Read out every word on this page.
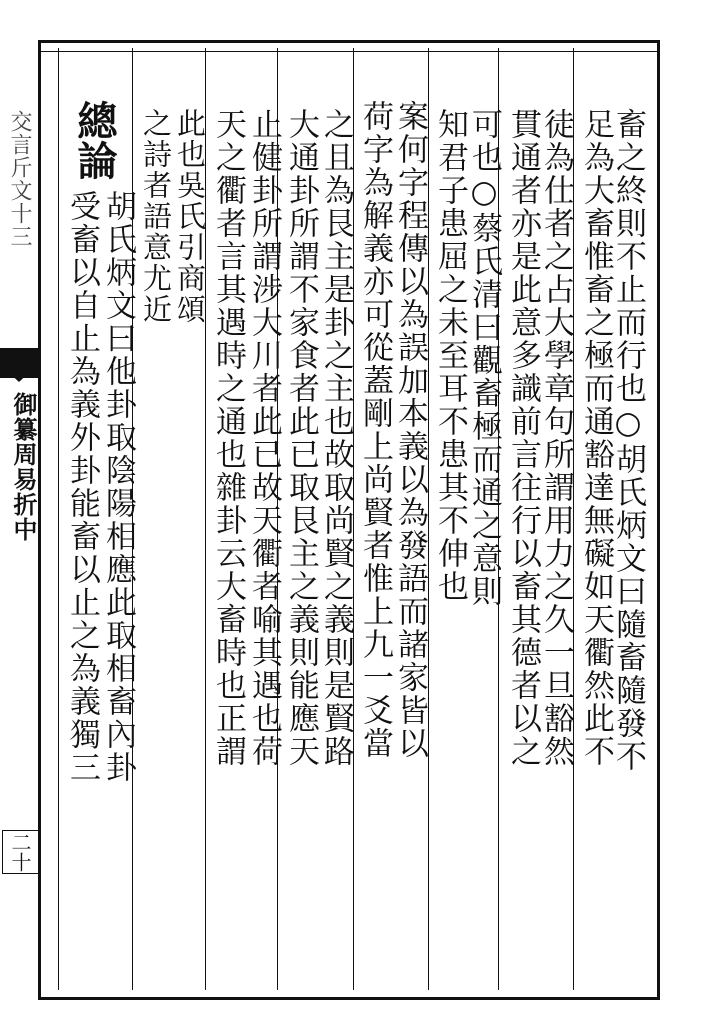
交言斤文十三
御纂周易折中
二十
畜之終則不止而行也○胡氏炳文曰隨畜隨發不
足為大畜惟畜之極而通豁達無礙如天衢然此不
徒為仕者之占大學章句所謂用力之久一旦豁然
貫通者亦是此意多識前言往行以畜其德者以之
可也○蔡氏清曰觀畜極而通之意則
知君子患屈之未至耳不患其不伸也
案何字程傳以為誤加本義以為發語而諸家皆以
荷字為解義亦可從蓋剛上尚賢者惟上九一爻當
之且為艮主是卦之主也故取尚賢之義則是賢路
大通卦所謂不家食者此已取艮主之義則能應天
止健卦所謂涉大川者此已故天衢者喻其遇也荷
天之衢者言其遇時之通也雜卦云大畜時也正謂
此也吳氏引商頌
之詩者語意尤近
總論
胡氏炳文曰他卦取陰陽相應此取相畜內卦
受畜以自止為義外卦能畜以止之為義獨三
